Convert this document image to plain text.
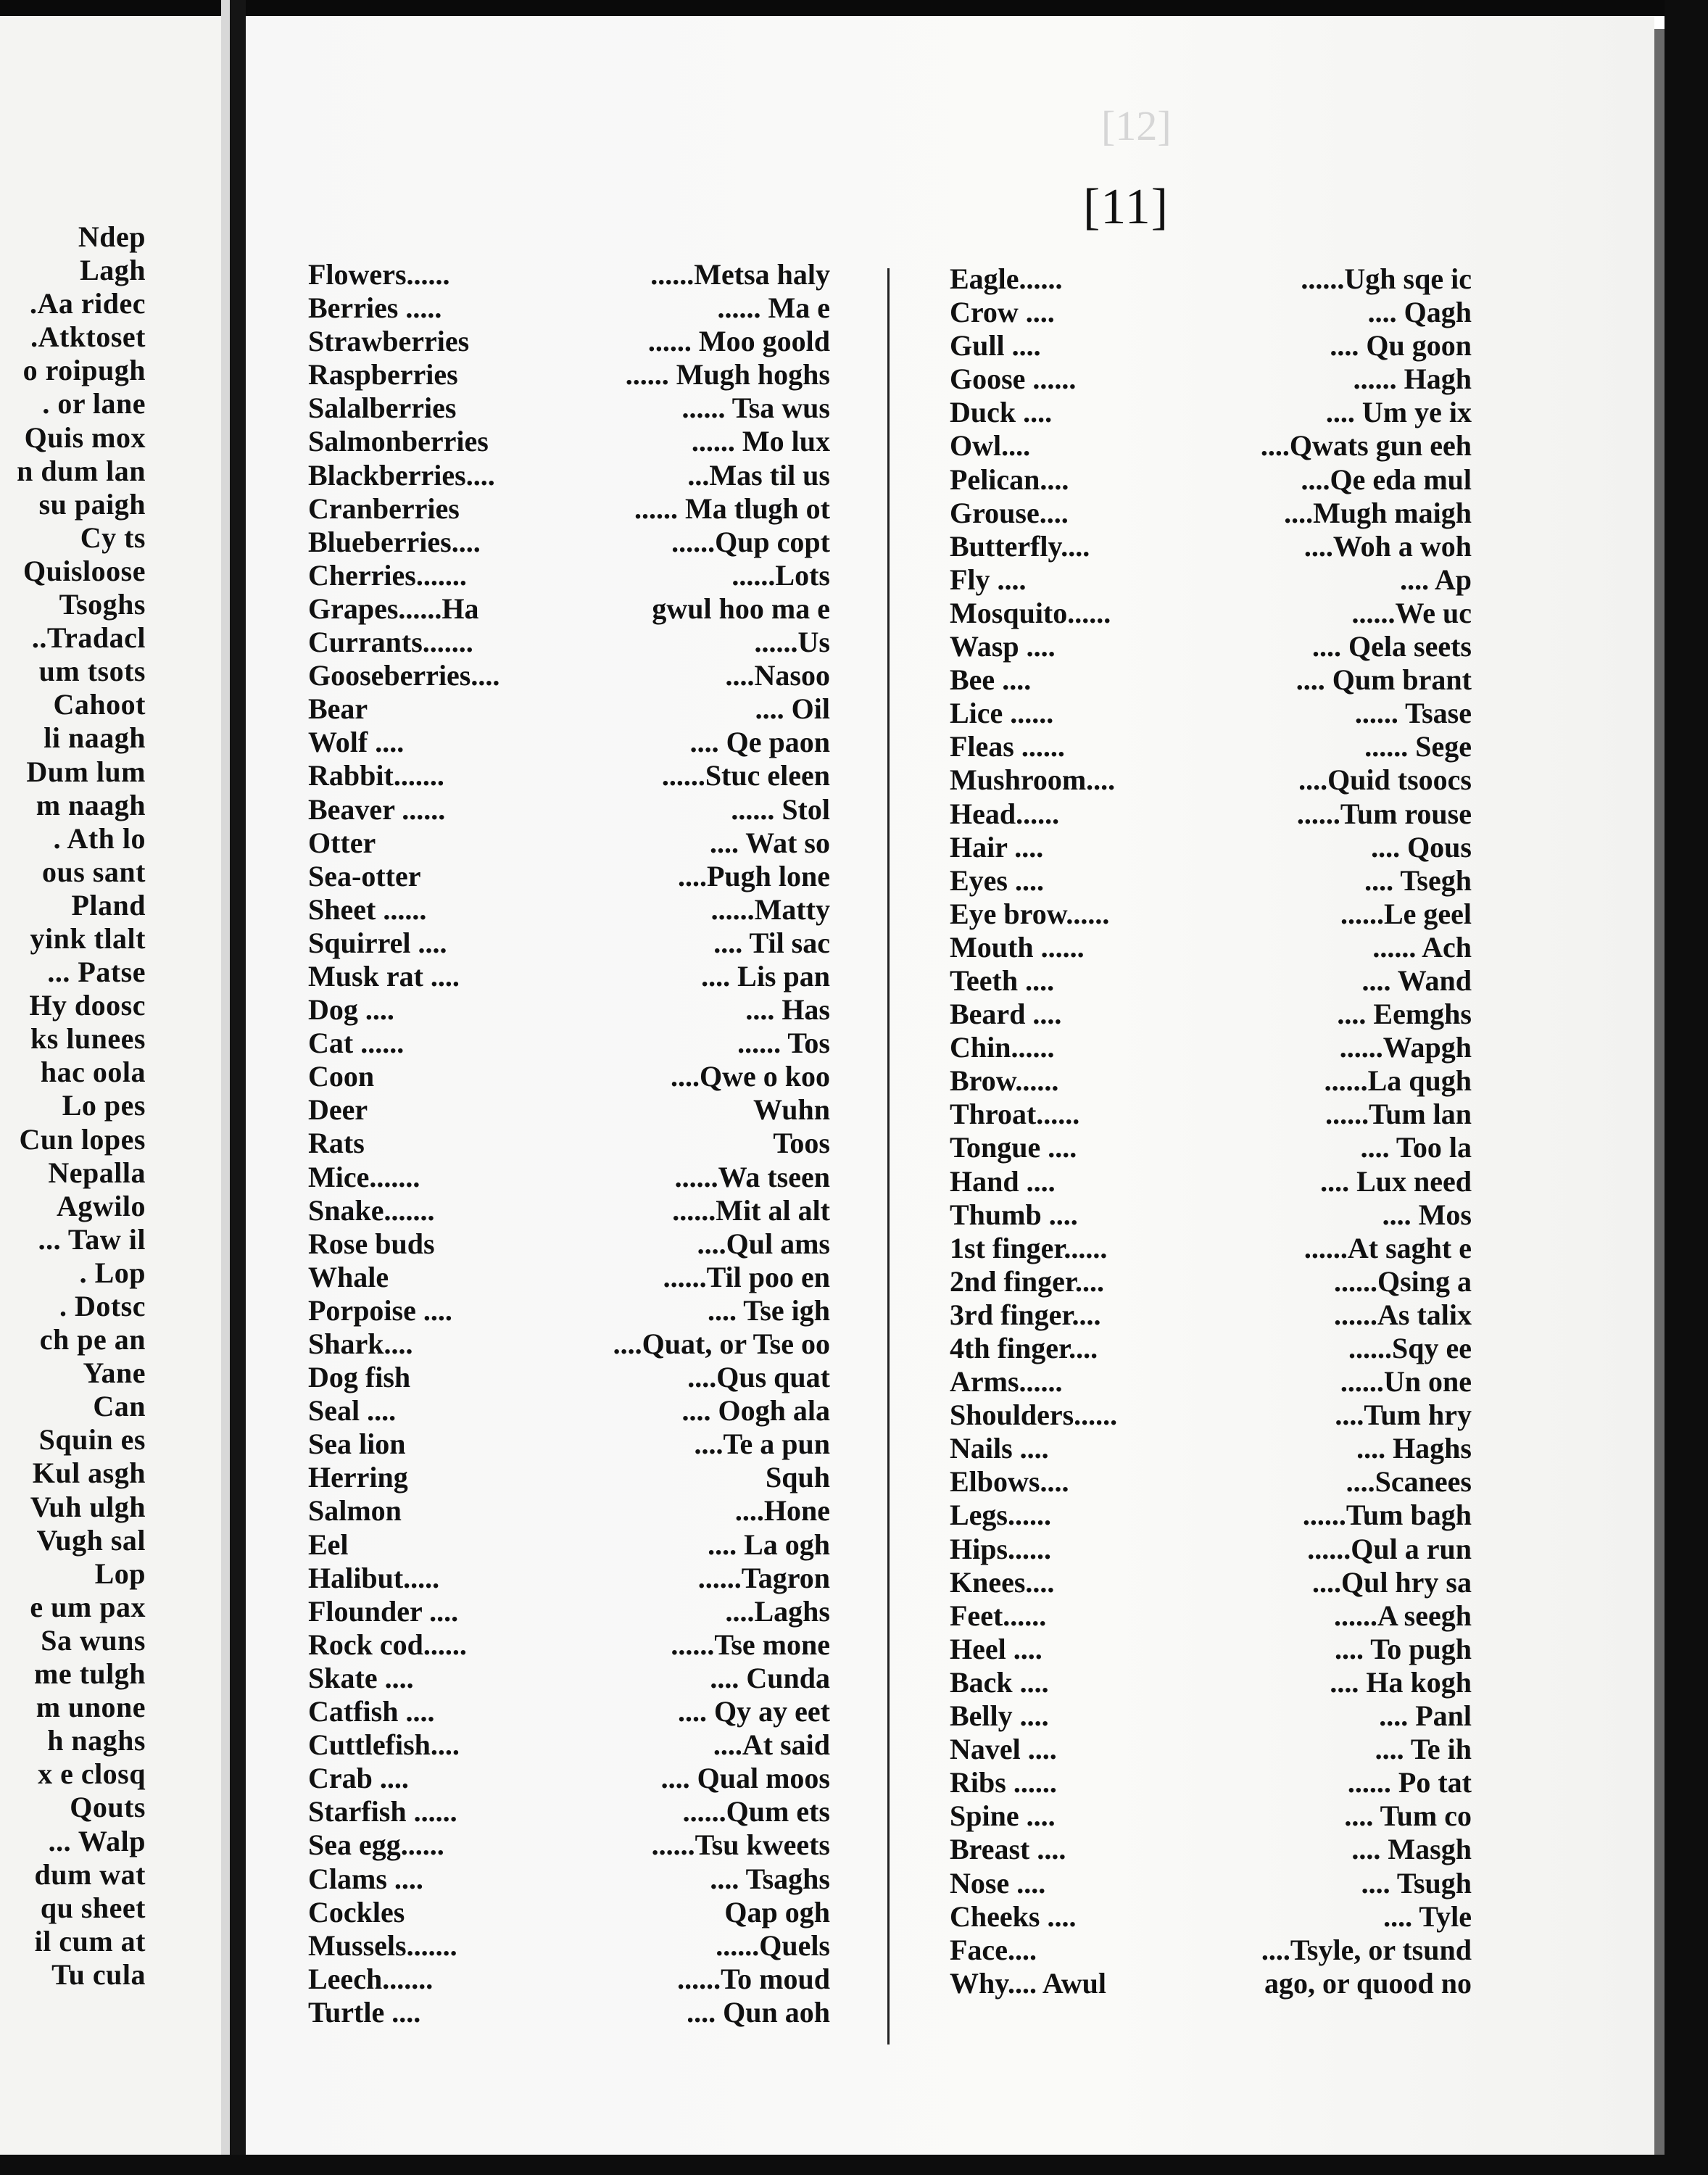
Ndep
Lagh
.Aa ridec
.Atktoset
o roipugh
. or lane
Quis mox
n dum lan
su paigh
Cy ts
Quisloose
Tsoghs
..Tradacl
um tsots
Cahoot
li naagh
Dum lum
m naagh
. Ath lo
ous sant
Pland
yink tlalt
... Patse
Hy doosc
ks lunees
hac oola
Lo pes
Cun lopes
Nepalla
Agwilo
... Taw il
. Lop
. Dotsc
ch pe an
Yane
Can
Squin es
Kul asgh
Vuh ulgh
Vugh sal
Lop
e um pax
Sa wuns
me tulgh
m unone
h naghs
x e closq
Qouts
... Walp
dum wat
qu sheet
il cum at
Tu cula
[12]
[11]
Flowers......	......Metsa haly
Berries .....	...... Ma e
Strawberries	...... Moo goold
Raspberries	...... Mugh hoghs
Salalberries	...... Tsa wus
Salmonberries	...... Mo lux
Blackberries....	...Mas til us
Cranberries	...... Ma tlugh ot
Blueberries....	......Qup copt
Cherries.......	......Lots
Grapes......Ha	gwul hoo ma e
Currants.......	......Us
Gooseberries....	....Nasoo
Bear	.... Oil
Wolf ....	.... Qe paon
Rabbit.......	......Stuc eleen
Beaver ......	...... Stol
Otter	.... Wat so
Sea-otter	....Pugh lone
Sheet ......	......Matty
Squirrel ....	.... Til sac
Musk rat ....	.... Lis pan
Dog ....	.... Has
Cat ......	...... Tos
Coon	....Qwe o koo
Deer	Wuhn
Rats	Toos
Mice.......	......Wa tseen
Snake.......	......Mit al alt
Rose buds	....Qul ams
Whale	......Til poo en
Porpoise ....	.... Tse igh
Shark....	....Quat, or Tse oo
Dog fish	....Qus quat
Seal ....	.... Oogh ala
Sea lion	....Te a pun
Herring	Squh
Salmon	....Hone
Eel	.... La ogh
Halibut.....	......Tagron
Flounder ....	....Laghs
Rock cod......	......Tse mone
Skate ....	.... Cunda
Catfish ....	.... Qy ay eet
Cuttlefish....	....At said
Crab ....	.... Qual moos
Starfish ......	......Qum ets
Sea egg......	......Tsu kweets
Clams ....	.... Tsaghs
Cockles	Qap ogh
Mussels.......	......Quels
Leech.......	......To moud
Turtle ....	.... Qun aoh
Eagle......	......Ugh sqe ic
Crow ....	.... Qagh
Gull ....	.... Qu goon
Goose ......	...... Hagh
Duck ....	.... Um ye ix
Owl....	....Qwats gun eeh
Pelican....	....Qe eda mul
Grouse....	....Mugh maigh
Butterfly....	....Woh a woh
Fly ....	.... Ap
Mosquito......	......We uc
Wasp ....	.... Qela seets
Bee ....	.... Qum brant
Lice ......	...... Tsase
Fleas ......	...... Sege
Mushroom....	....Quid tsoocs
Head......	......Tum rouse
Hair ....	.... Qous
Eyes ....	.... Tsegh
Eye brow......	......Le geel
Mouth ......	...... Ach
Teeth ....	.... Wand
Beard ....	.... Eemghs
Chin......	......Wapgh
Brow......	......La qugh
Throat......	......Tum lan
Tongue ....	.... Too la
Hand ....	.... Lux need
Thumb ....	.... Mos
1st finger......	......At saght e
2nd finger....	......Qsing a
3rd finger....	......As talix
4th finger....	......Sqy ee
Arms......	......Un one
Shoulders......	....Tum hry
Nails ....	.... Haghs
Elbows....	....Scanees
Legs......	......Tum bagh
Hips......	......Qul a run
Knees....	....Qul hry sa
Feet......	......A seegh
Heel ....	.... To pugh
Back ....	.... Ha kogh
Belly ....	.... Panl
Navel ....	.... Te ih
Ribs ......	...... Po tat
Spine ....	.... Tum co
Breast ....	.... Masgh
Nose ....	.... Tsugh
Cheeks ....	.... Tyle
Face....	....Tsyle, or tsund
Why.... Awul	ago, or quood no
